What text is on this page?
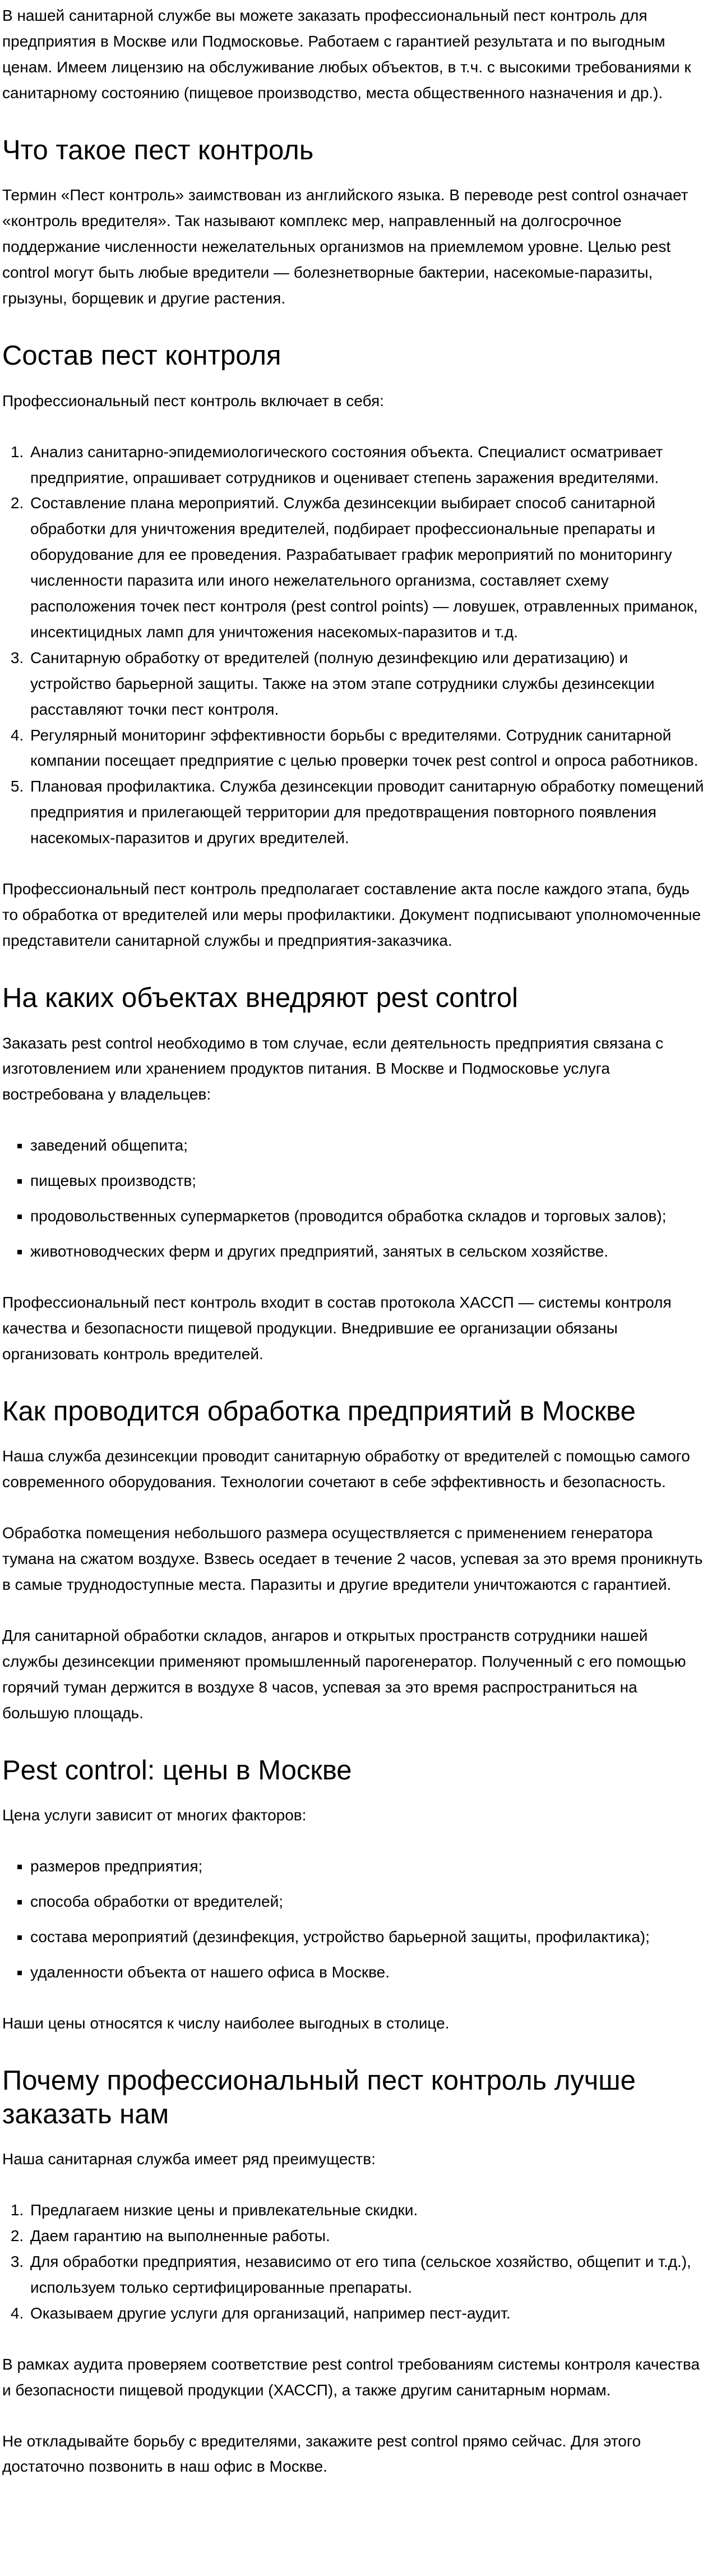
В нашей санитарной службе вы можете заказать профессиональный пест контроль для предприятия в Москве или Подмосковье. Работаем с гарантией результата и по выгодным ценам. Имеем лицензию на обслуживание любых объектов, в т.ч. с высокими требованиями к санитарному состоянию (пищевое производство, места общественного назначения и др.).

Что такое пест контроль

Термин «Пест контроль» заимствован из английского языка. В переводе pest control означает «контроль вредителя». Так называют комплекс мер, направленный на долгосрочное поддержание численности нежелательных организмов на приемлемом уровне. Целью pest control могут быть любые вредители — болезнетворные бактерии, насекомые-паразиты, грызуны, борщевик и другие растения.

Состав пест контроля

Профессиональный пест контроль включает в себя:

1. Анализ санитарно-эпидемиологического состояния объекта. Специалист осматривает предприятие, опрашивает сотрудников и оценивает степень заражения вредителями.
2. Составление плана мероприятий. Служба дезинсекции выбирает способ санитарной обработки для уничтожения вредителей, подбирает профессиональные препараты и оборудование для ее проведения. Разрабатывает график мероприятий по мониторингу численности паразита или иного нежелательного организма, составляет схему расположения точек пест контроля (pest control points) — ловушек, отравленных приманок, инсектицидных ламп для уничтожения насекомых-паразитов и т.д.
3. Санитарную обработку от вредителей (полную дезинфекцию или дератизацию) и устройство барьерной защиты. Также на этом этапе сотрудники службы дезинсекции расставляют точки пест контроля.
4. Регулярный мониторинг эффективности борьбы с вредителями. Сотрудник санитарной компании посещает предприятие с целью проверки точек pest control и опроса работников.
5. Плановая профилактика. Служба дезинсекции проводит санитарную обработку помещений предприятия и прилегающей территории для предотвращения повторного появления насекомых-паразитов и других вредителей.

Профессиональный пест контроль предполагает составление акта после каждого этапа, будь то обработка от вредителей или меры профилактики. Документ подписывают уполномоченные представители санитарной службы и предприятия-заказчика.

На каких объектах внедряют pest control

Заказать pest control необходимо в том случае, если деятельность предприятия связана с изготовлением или хранением продуктов питания. В Москве и Подмосковье услуга востребована у владельцев:

▪ заведений общепита;
▪ пищевых производств;
▪ продовольственных супермаркетов (проводится обработка складов и торговых залов);
▪ животноводческих ферм и других предприятий, занятых в сельском хозяйстве.

Профессиональный пест контроль входит в состав протокола ХАССП — системы контроля качества и безопасности пищевой продукции. Внедрившие ее организации обязаны организовать контроль вредителей.

Как проводится обработка предприятий в Москве

Наша служба дезинсекции проводит санитарную обработку от вредителей с помощью самого современного оборудования. Технологии сочетают в себе эффективность и безопасность.

Обработка помещения небольшого размера осуществляется с применением генератора тумана на сжатом воздухе. Взвесь оседает в течение 2 часов, успевая за это время проникнуть в самые труднодоступные места. Паразиты и другие вредители уничтожаются с гарантией.

Для санитарной обработки складов, ангаров и открытых пространств сотрудники нашей службы дезинсекции применяют промышленный парогенератор. Полученный с его помощью горячий туман держится в воздухе 8 часов, успевая за это время распространиться на большую площадь.

Pest control: цены в Москве

Цена услуги зависит от многих факторов:

▪ размеров предприятия;
▪ способа обработки от вредителей;
▪ состава мероприятий (дезинфекция, устройство барьерной защиты, профилактика);
▪ удаленности объекта от нашего офиса в Москве.

Наши цены относятся к числу наиболее выгодных в столице.

Почему профессиональный пест контроль лучше заказать нам

Наша санитарная служба имеет ряд преимуществ:

1. Предлагаем низкие цены и привлекательные скидки.
2. Даем гарантию на выполненные работы.
3. Для обработки предприятия, независимо от его типа (сельское хозяйство, общепит и т.д.), используем только сертифицированные препараты.
4. Оказываем другие услуги для организаций, например пест-аудит.

В рамках аудита проверяем соответствие pest control требованиям системы контроля качества и безопасности пищевой продукции (ХАССП), а также другим санитарным нормам.

Не откладывайте борьбу с вредителями, закажите pest control прямо сейчас. Для этого достаточно позвонить в наш офис в Москве.
